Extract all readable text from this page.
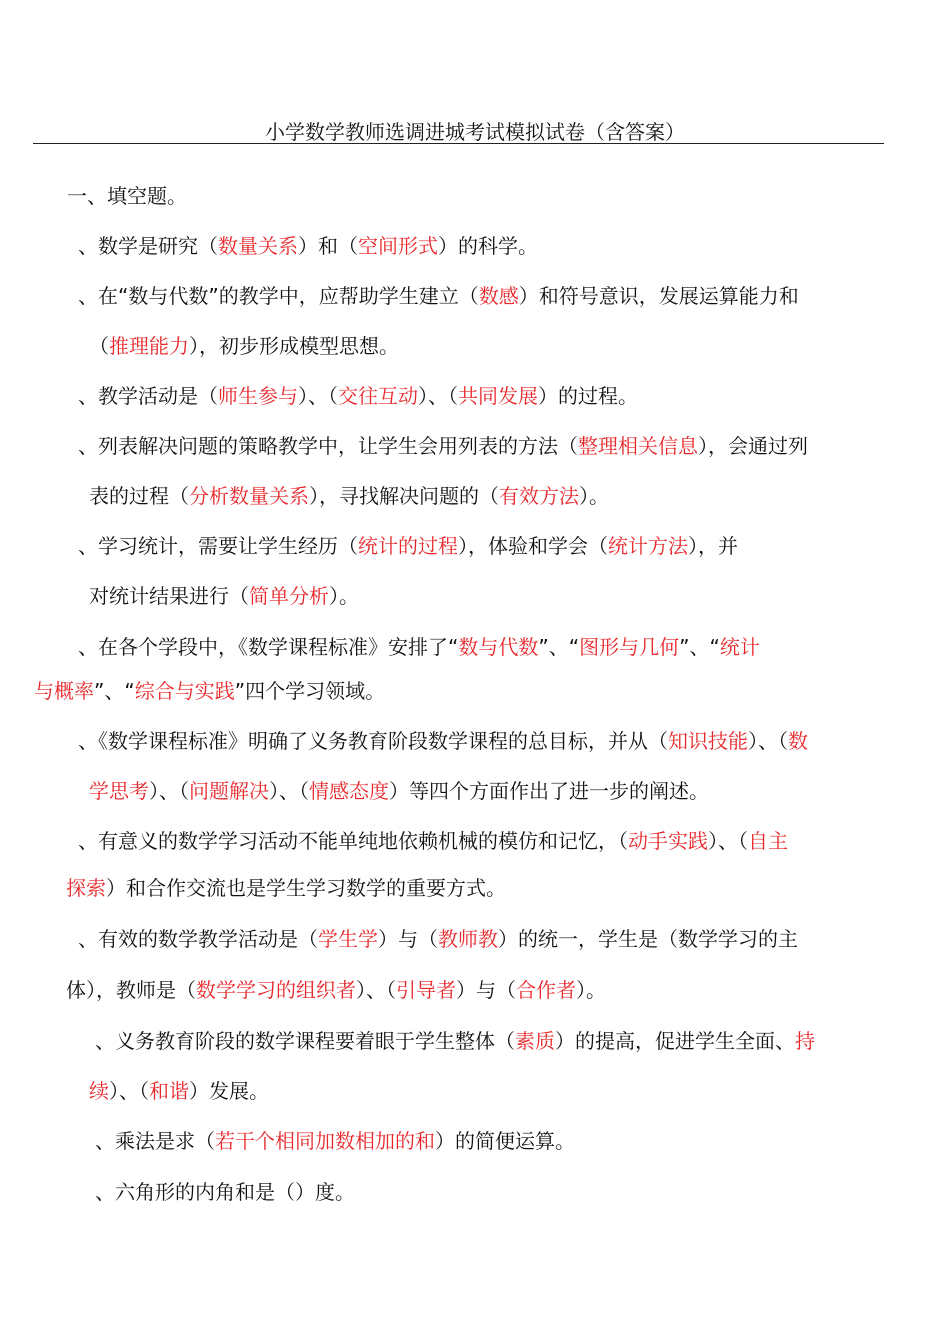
小学数学教师选调进城考试模拟试卷（含答案）
一、填空题。
、数学是研究（数量关系）和（空间形式）的科学。
、在“数与代数”的教学中，应帮助学生建立（数感）和符号意识，发展运算能力和
（推理能力），初步形成模型思想。
、教学活动是（师生参与）、（交往互动）、（共同发展）的过程。
、列表解决问题的策略教学中，让学生会用列表的方法（整理相关信息），会通过列
表的过程（分析数量关系），寻找解决问题的（有效方法）。
、学习统计，需要让学生经历（统计的过程），体验和学会（统计方法），并
对统计结果进行（简单分析）。
、在各个学段中，《数学课程标准》安排了“数与代数”、“图形与几何”、“统计
与概率”、“综合与实践”四个学习领域。
、《数学课程标准》明确了义务教育阶段数学课程的总目标，并从（知识技能）、（数
学思考）、（问题解决）、（情感态度）等四个方面作出了进一步的阐述。
、有意义的数学学习活动不能单纯地依赖机械的模仿和记忆，（动手实践）、（自主
探索）和合作交流也是学生学习数学的重要方式。
、有效的数学教学活动是（学生学）与（教师教）的统一，学生是（数学学习的主
体），教师是（数学学习的组织者）、（引导者）与（合作者）。
、义务教育阶段的数学课程要着眼于学生整体（素质）的提高，促进学生全面、持
续）、（和谐）发展。
、乘法是求（若干个相同加数相加的和）的简便运算。
、六角形的内角和是（）度。
